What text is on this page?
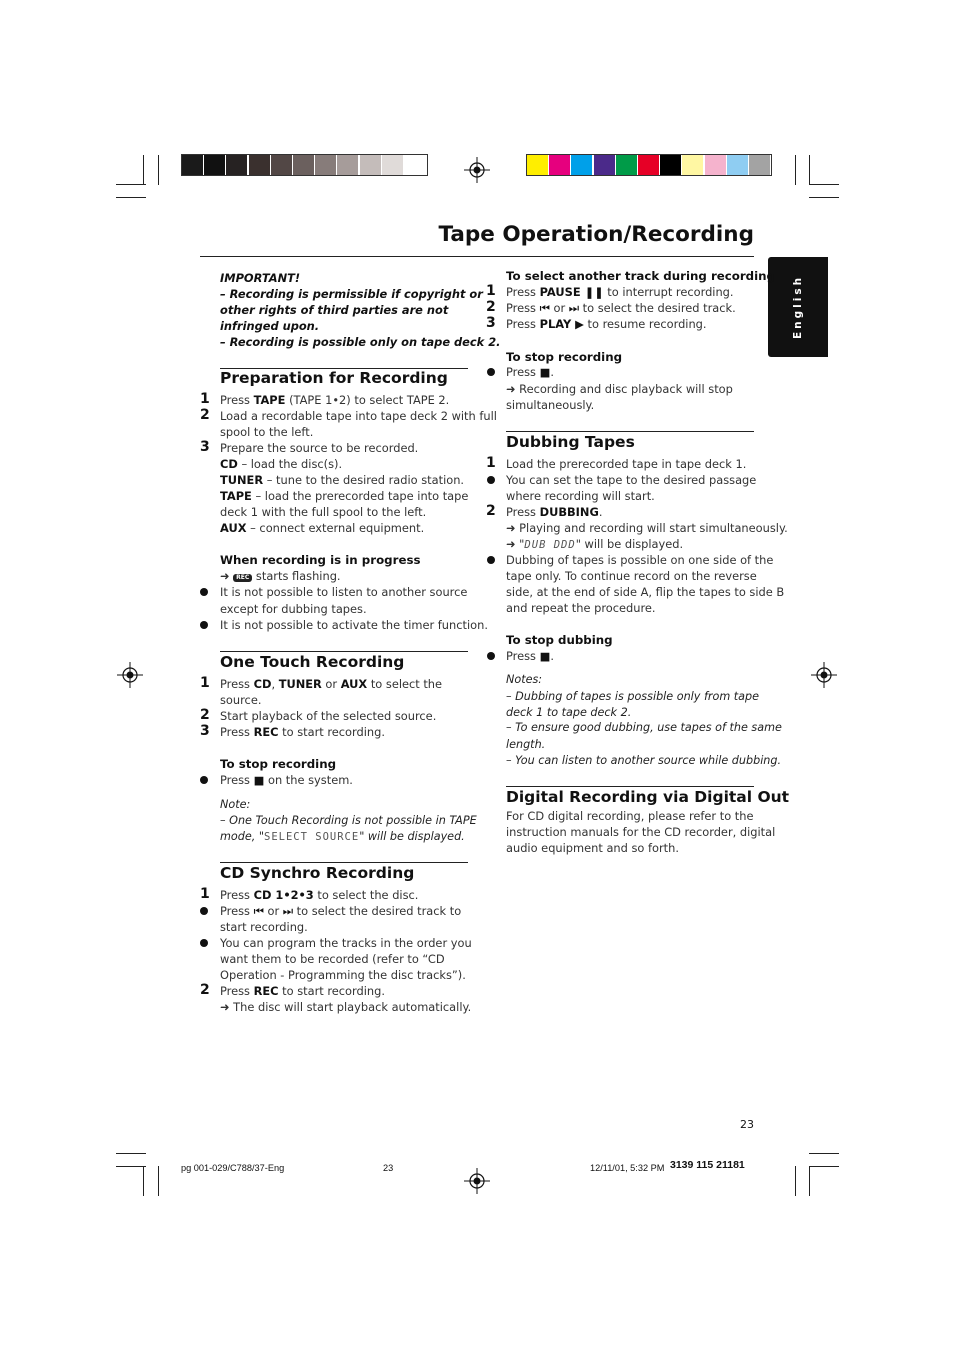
Tape Operation/Recording
English
IMPORTANT!
– Recording is permissible if copyright or
other rights of third parties are not
infringed upon.
– Recording is possible only on tape deck 2.
Preparation for Recording
1 Press TAPE (TAPE 1•2) to select TAPE 2.
2 Load a recordable tape into tape deck 2 with full
spool to the left.
3 Prepare the source to be recorded.
CD – load the disc(s).
TUNER – tune to the desired radio station.
TAPE – load the prerecorded tape into tape
deck 1 with the full spool to the left.
AUX – connect external equipment.
When recording is in progress
➜ REC starts flashing.
It is not possible to listen to another source
except for dubbing tapes.
It is not possible to activate the timer function.
One Touch Recording
1 Press CD, TUNER or AUX to select the
source.
2 Start playback of the selected source.
3 Press REC to start recording.
To stop recording
Press ■ on the system.
Note:
– One Touch Recording is not possible in TAPE
mode, "SELECT SOURCE" will be displayed.
CD Synchro Recording
1 Press CD 1•2•3 to select the disc.
Press ⏮ or ⏭ to select the desired track to
start recording.
You can program the tracks in the order you
want them to be recorded (refer to “CD
Operation - Programming the disc tracks”).
2 Press REC to start recording.
➜ The disc will start playback automatically.
To select another track during recording
1 Press PAUSE ❚❚ to interrupt recording.
2 Press ⏮ or ⏭ to select the desired track.
3 Press PLAY ▶ to resume recording.
To stop recording
Press ■.
➜ Recording and disc playback will stop
simultaneously.
Dubbing Tapes
1 Load the prerecorded tape in tape deck 1.
You can set the tape to the desired passage
where recording will start.
2 Press DUBBING.
➜ Playing and recording will start simultaneously.
➜ "DUB DDD" will be displayed.
Dubbing of tapes is possible on one side of the
tape only. To continue record on the reverse
side, at the end of side A, flip the tapes to side B
and repeat the procedure.
To stop dubbing
Press ■.
Notes:
– Dubbing of tapes is possible only from tape
deck 1 to tape deck 2.
– To ensure good dubbing, use tapes of the same
length.
– You can listen to another source while dubbing.
Digital Recording via Digital Out
For CD digital recording, please refer to the
instruction manuals for the CD recorder, digital
audio equipment and so forth.
23
pg 001-029/C788/37-Eng	23	12/11/01, 5:32 PM 3139 115 21181
